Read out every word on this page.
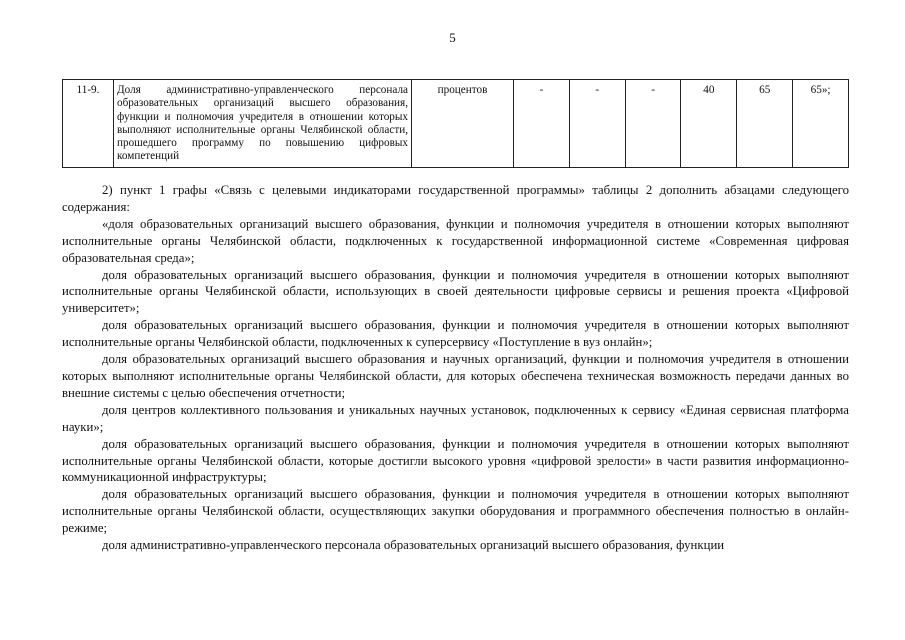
5
11-9.	Доля административно-управленческого персонала образовательных организаций высшего образования, функции и полномочия учредителя в отношении которых выполняют исполнительные органы Челябинской области, прошедшего программу по повышению цифровых компетенций	процентов	-	-	-	40	65	65»;

2) пункт 1 графы «Связь с целевыми индикаторами государственной программы» таблицы 2 дополнить абзацами следующего содержания:

«доля образовательных организаций высшего образования, функции и полномочия учредителя в отношении которых выполняют исполнительные органы Челябинской области, подключенных к государственной информационной системе «Современная цифровая образовательная среда»;

доля образовательных организаций высшего образования, функции и полномочия учредителя в отношении которых выполняют исполнительные органы Челябинской области, использующих в своей деятельности цифровые сервисы и решения проекта «Цифровой университет»;

доля образовательных организаций высшего образования, функции и полномочия учредителя в отношении которых выполняют исполнительные органы Челябинской области, подключенных к суперсервису «Поступление в вуз онлайн»;

доля образовательных организаций высшего образования и научных организаций, функции и полномочия учредителя в отношении которых выполняют исполнительные органы Челябинской области, для которых обеспечена техническая возможность передачи данных во внешние системы с целью обеспечения отчетности;

доля центров коллективного пользования и уникальных научных установок, подключенных к сервису «Единая сервисная платформа науки»;

доля образовательных организаций высшего образования, функции и полномочия учредителя в отношении которых выполняют исполнительные органы Челябинской области, которые достигли высокого уровня «цифровой зрелости» в части развития информационно-коммуникационной инфраструктуры;

доля образовательных организаций высшего образования, функции и полномочия учредителя в отношении которых выполняют исполнительные органы Челябинской области, осуществляющих закупки оборудования и программного обеспечения полностью в онлайн-режиме;

доля административно-управленческого персонала образовательных организаций высшего образования, функции
